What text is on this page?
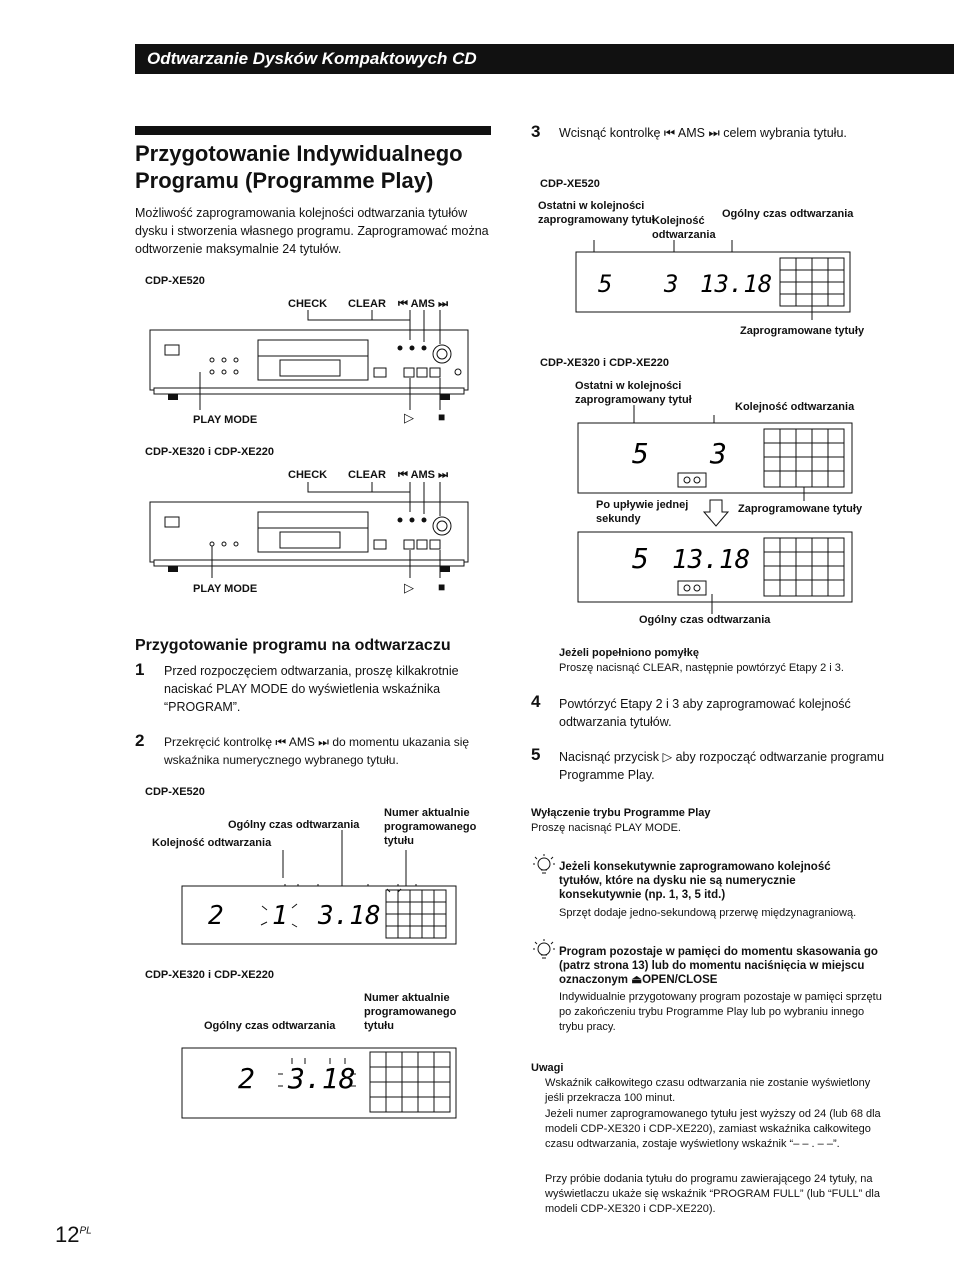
Odtwarzanie Dysków Kompaktowych CD
Przygotowanie Indywidualnego Programu (Programme Play)
Możliwość zaprogramowania kolejności odtwarzania tytułów dysku i stworzenia własnego programu. Zaprogramować można odtworzenie maksymalnie 24 tytułów.
CDP-XE520
CHECK CLEAR ⏮ AMS ⏭
PLAY MODE	▷ ■
CDP-XE320 i CDP-XE220
CHECK CLEAR ⏮ AMS ⏭
PLAY MODE	▷ ■
Przygotowanie programu na odtwarzaczu
1 Przed rozpoczęciem odtwarzania, proszę kilkakrotnie naciskać PLAY MODE do wyświetlenia wskaźnika “PROGRAM”.
2 Przekręcić kontrolkę ⏮ AMS ⏭ do momentu ukazania się wskaźnika numerycznego wybranego tytułu.
CDP-XE520
Ogólny czas odtwarzania
Kolejność odtwarzania
Numer aktualnie programowanego tytułu
2 1 3.18
CDP-XE320 i CDP-XE220
Numer aktualnie programowanego tytułu
Ogólny czas odtwarzania
2 3.18
3 Wcisnąć kontrolkę ⏮ AMS ⏭ celem wybrania tytułu.
CDP-XE520
Ostatni w kolejności zaprogramowany tytuł
Kolejność odtwarzania
Ogólny czas odtwarzania
5 3 13.18
Zaprogramowane tytuły
CDP-XE320 i CDP-XE220
Ostatni w kolejności zaprogramowany tytuł
Kolejność odtwarzania
5 3
Po upływie jednej sekundy
Zaprogramowane tytuły
5 13.18
Ogólny czas odtwarzania
Jeżeli popełniono pomyłkę
Proszę nacisnąć CLEAR, następnie powtórzyć Etapy 2 i 3.
4 Powtórzyć Etapy 2 i 3 aby zaprogramować kolejność odtwarzania tytułów.
5 Nacisnąć przycisk ▷ aby rozpocząć odtwarzanie programu Programme Play.
Wyłączenie trybu Programme Play
Proszę nacisnąć PLAY MODE.
Jeżeli konsekutywnie zaprogramowano kolejność tytułów, które na dysku nie są numerycznie konsekutywnie (np. 1, 3, 5 itd.)
Sprzęt dodaje jedno-sekundową przerwę międzynagraniową.
Program pozostaje w pamięci do momentu skasowania go (patrz strona 13) lub do momentu naciśnięcia w miejscu oznaczonym ⏏OPEN/CLOSE
Indywidualnie przygotowany program pozostaje w pamięci sprzętu po zakończeniu trybu Programme Play lub po wybraniu innego trybu pracy.
Uwagi
Wskaźnik całkowitego czasu odtwarzania nie zostanie wyświetlony jeśli przekracza 100 minut.
Jeżeli numer zaprogramowanego tytułu jest wyższy od 24 (lub 68 dla modeli CDP-XE320 i CDP-XE220), zamiast wskaźnika całkowitego czasu odtwarzania, zostaje wyświetlony wskaźnik “– – . – –”.
Przy próbie dodania tytułu do programu zawierającego 24 tytuły, na wyświetlaczu ukaże się wskaźnik “PROGRAM FULL” (lub “FULL” dla modeli CDP-XE320 i CDP-XE220).
$12^{PL}$
